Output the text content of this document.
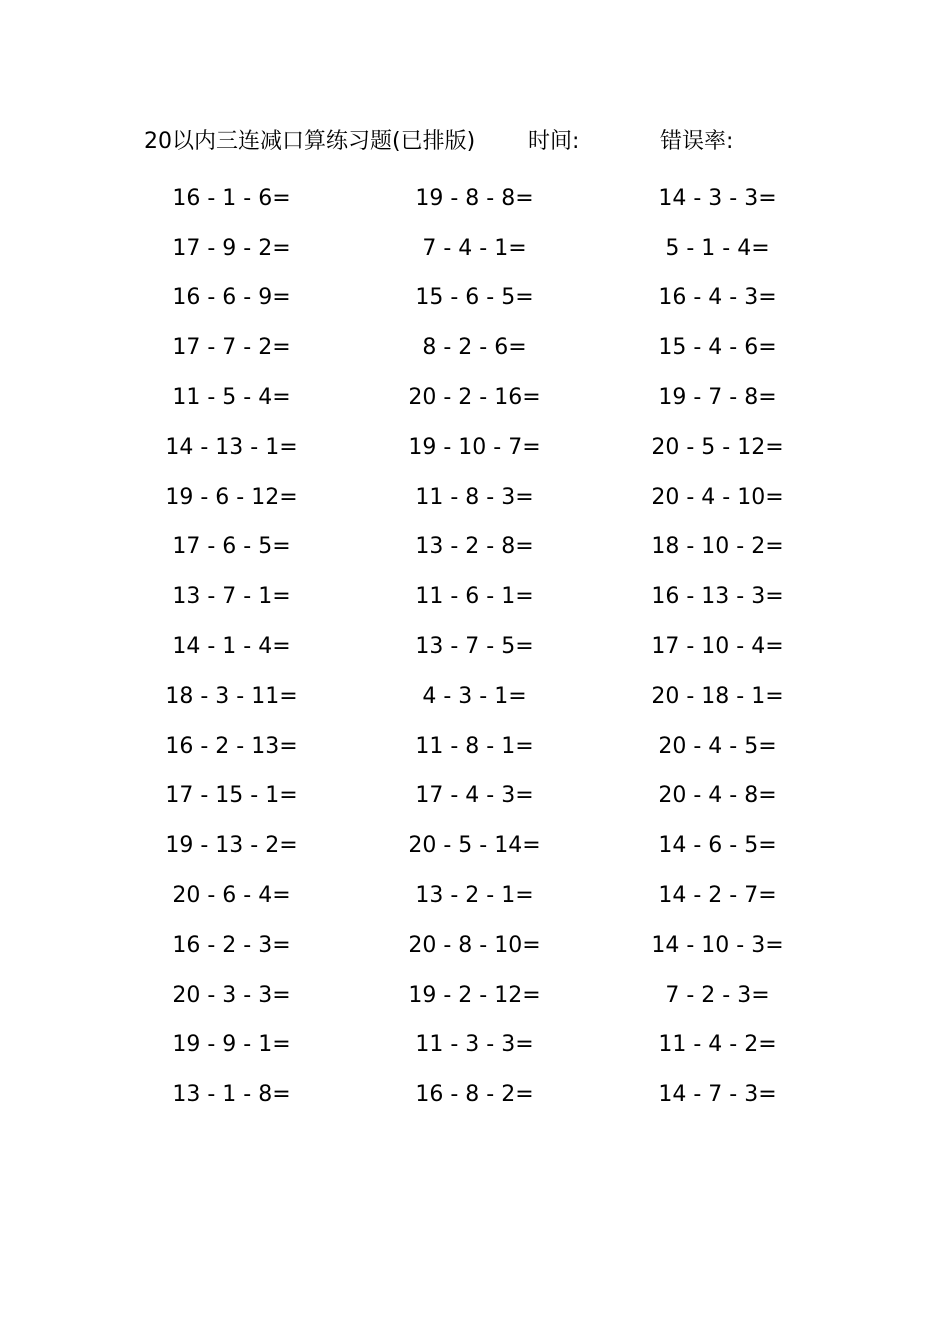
20以内三连减口算练习题(已排版) 时间:	错误率:
16 - 1 - 6=	19 - 8 - 8=	14 - 3 - 3=
17 - 9 - 2=	7 - 4 - 1=	5 - 1 - 4=
16 - 6 - 9=	15 - 6 - 5=	16 - 4 - 3=
17 - 7 - 2=	8 - 2 - 6=	15 - 4 - 6=
11 - 5 - 4=	20 - 2 - 16=	19 - 7 - 8=
14 - 13 - 1=	19 - 10 - 7=	20 - 5 - 12=
19 - 6 - 12=	11 - 8 - 3=	20 - 4 - 10=
17 - 6 - 5=	13 - 2 - 8=	18 - 10 - 2=
13 - 7 - 1=	11 - 6 - 1=	16 - 13 - 3=
14 - 1 - 4=	13 - 7 - 5=	17 - 10 - 4=
18 - 3 - 11=	4 - 3 - 1=	20 - 18 - 1=
16 - 2 - 13=	11 - 8 - 1=	20 - 4 - 5=
17 - 15 - 1=	17 - 4 - 3=	20 - 4 - 8=
19 - 13 - 2=	20 - 5 - 14=	14 - 6 - 5=
20 - 6 - 4=	13 - 2 - 1=	14 - 2 - 7=
16 - 2 - 3=	20 - 8 - 10=	14 - 10 - 3=
20 - 3 - 3=	19 - 2 - 12=	7 - 2 - 3=
19 - 9 - 1=	11 - 3 - 3=	11 - 4 - 2=
13 - 1 - 8=	16 - 8 - 2=	14 - 7 - 3=
